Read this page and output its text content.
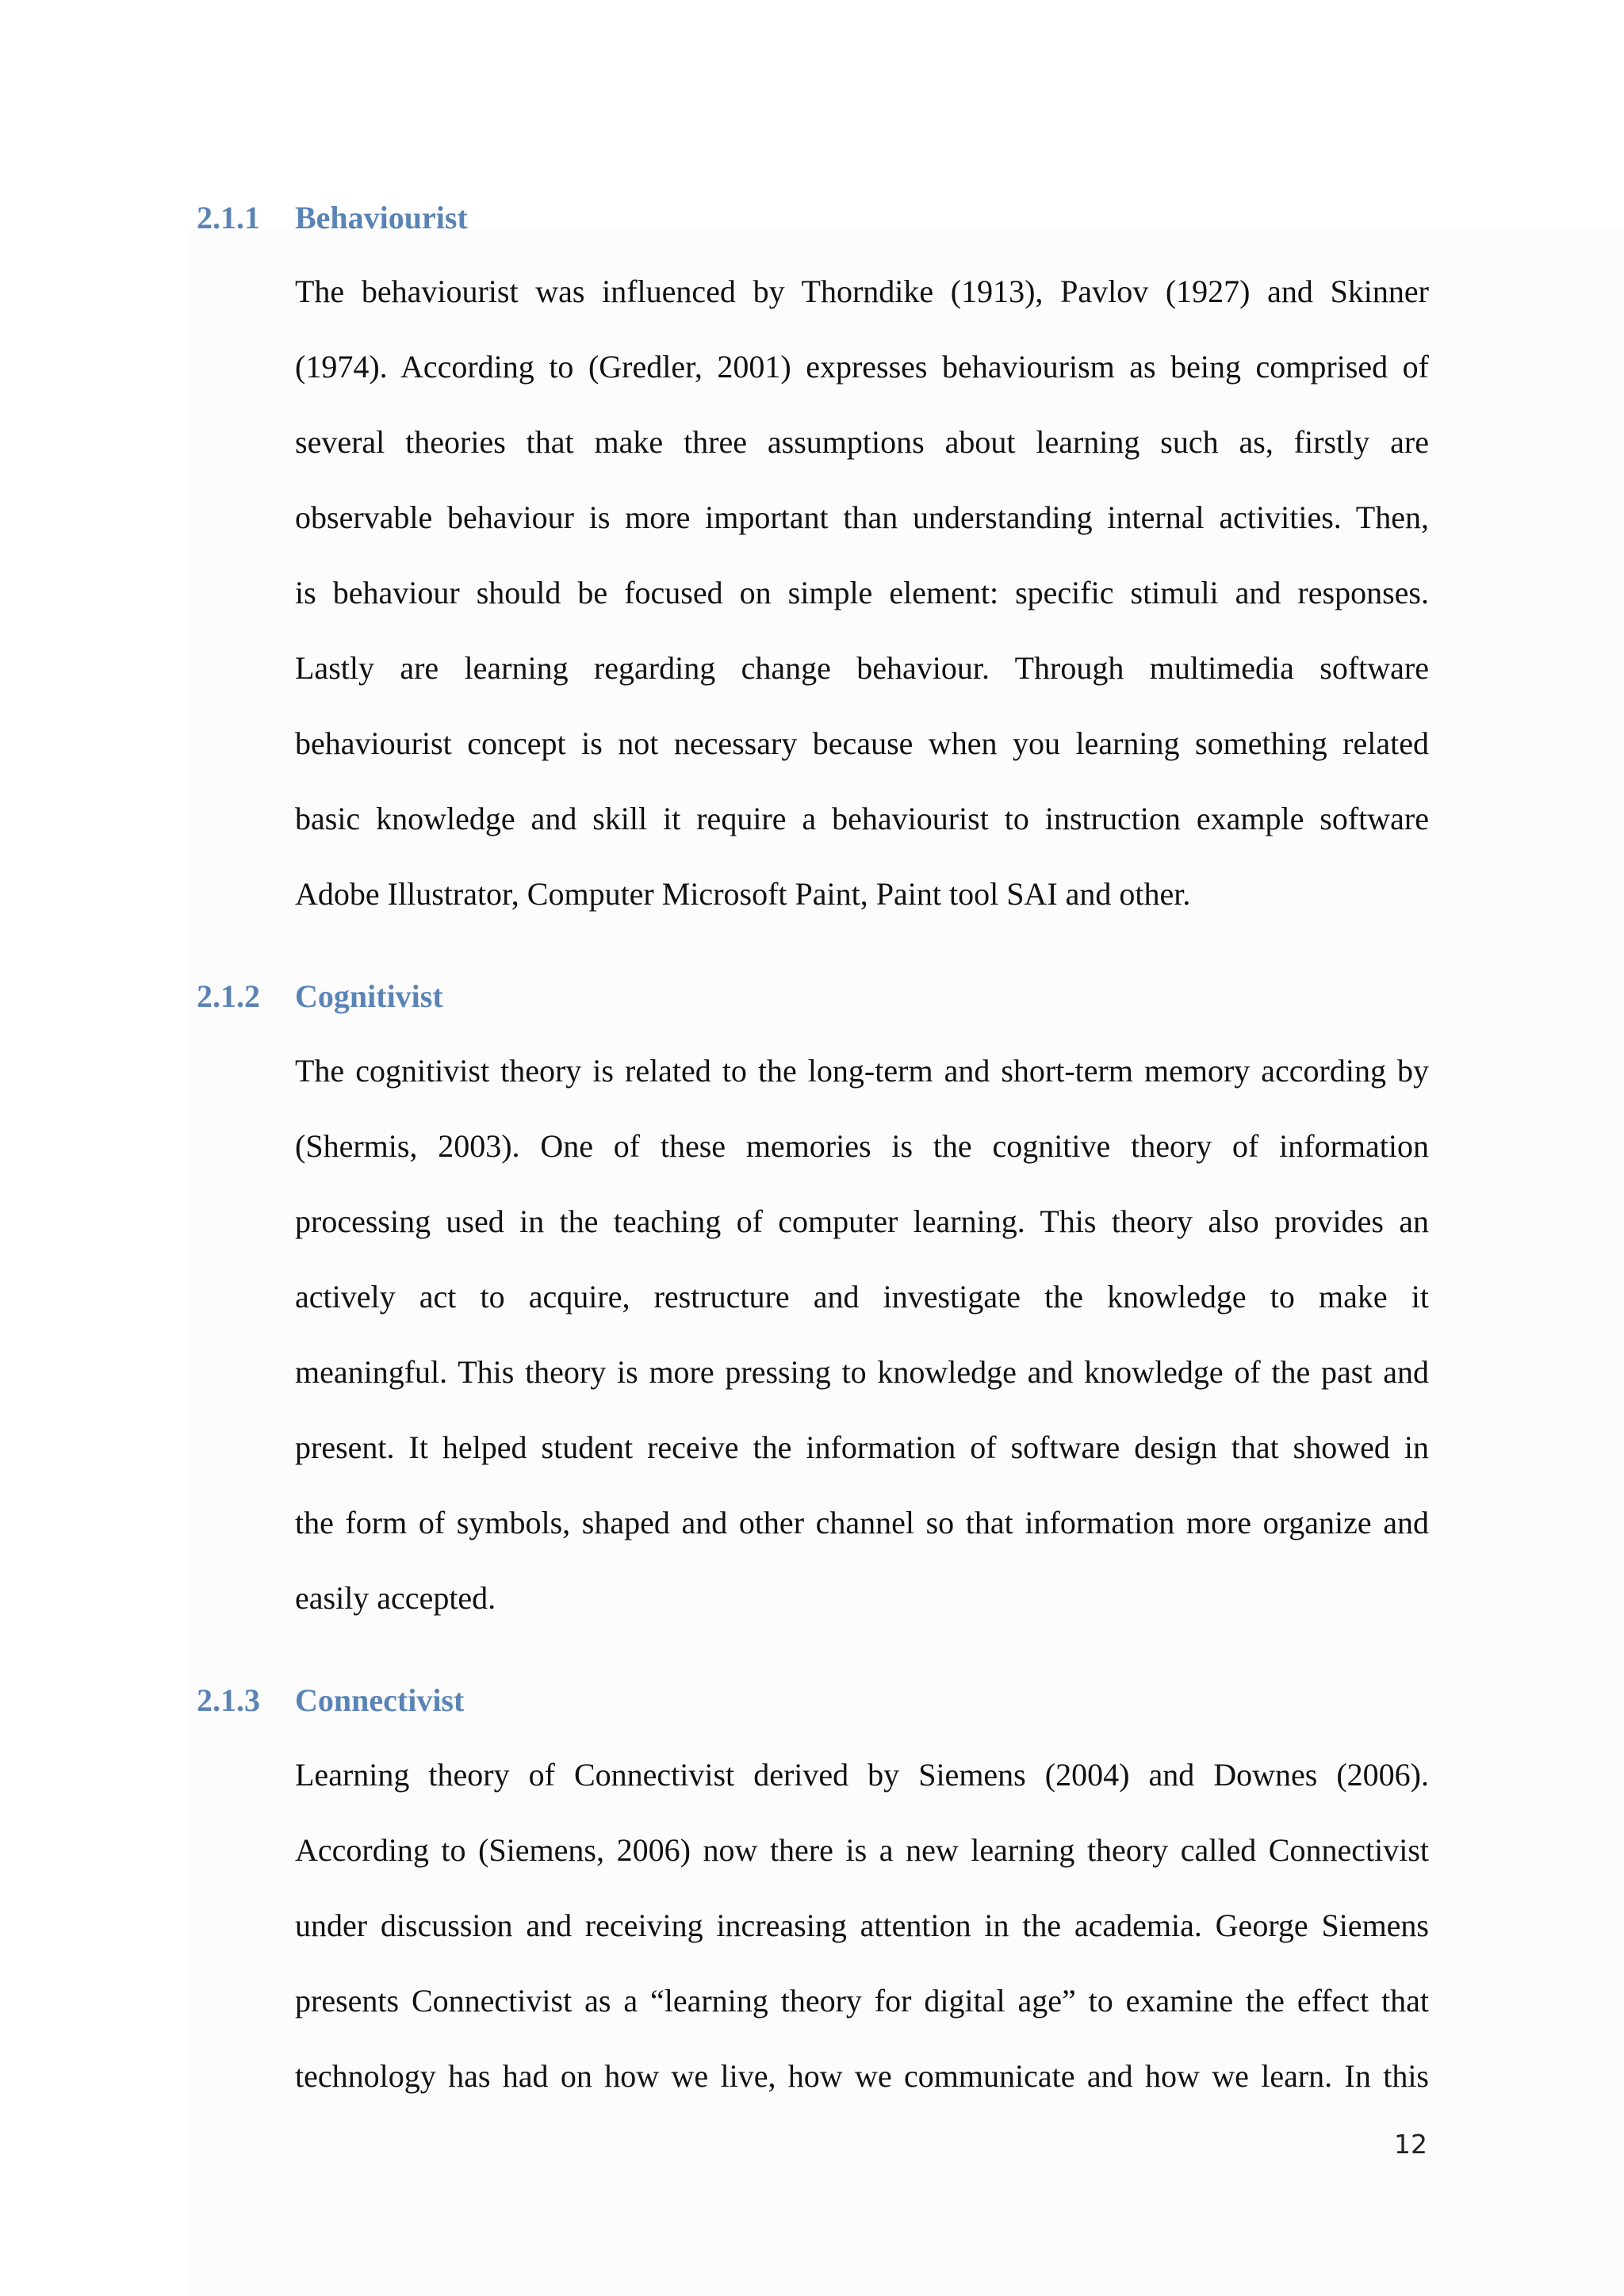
2.1.1	Behaviourist
The behaviourist was influenced by Thorndike (1913), Pavlov (1927) and Skinner
(1974). According to (Gredler, 2001) expresses behaviourism as being comprised of
several theories that make three assumptions about learning such as, firstly are
observable behaviour is more important than understanding internal activities. Then,
is behaviour should be focused on simple element: specific stimuli and responses.
Lastly are learning regarding change behaviour. Through multimedia software
behaviourist concept is not necessary because when you learning something related
basic knowledge and skill it require a behaviourist to instruction example software
Adobe Illustrator, Computer Microsoft Paint, Paint tool SAI and other.
2.1.2	Cognitivist
The cognitivist theory is related to the long-term and short-term memory according by
(Shermis, 2003). One of these memories is the cognitive theory of information
processing used in the teaching of computer learning. This theory also provides an
actively act to acquire, restructure and investigate the knowledge to make it
meaningful. This theory is more pressing to knowledge and knowledge of the past and
present. It helped student receive the information of software design that showed in
the form of symbols, shaped and other channel so that information more organize and
easily accepted.
2.1.3	Connectivist
Learning theory of Connectivist derived by Siemens (2004) and Downes (2006).
According to (Siemens, 2006) now there is a new learning theory called Connectivist
under discussion and receiving increasing attention in the academia. George Siemens
presents Connectivist as a “learning theory for digital age” to examine the effect that
technology has had on how we live, how we communicate and how we learn. In this
12
